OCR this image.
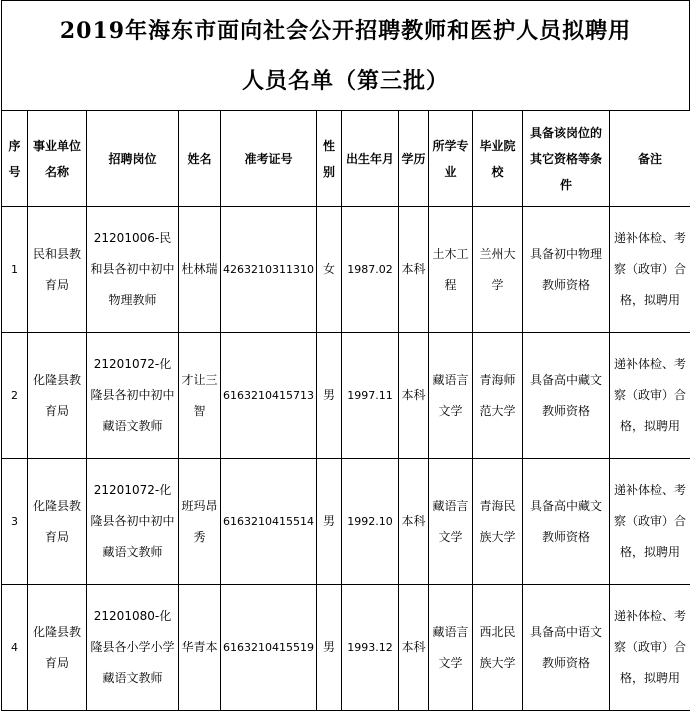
2019年海东市面向社会公开招聘教师和医护人员拟聘用
人员名单（第三批）
序号	事业单位名称	招聘岗位	姓名	准考证号	性别	出生年月	学历	所学专业	毕业院校	具备该岗位的其它资格等条件	备注
1	民和县教育局	21201006-民和县各初中初中物理教师	杜林瑞	4263210311310	女	1987.02	本科	土木工程	兰州大学	具备初中物理教师资格	递补体检、考察（政审）合格，拟聘用
2	化隆县教育局	21201072-化隆县各初中初中藏语文教师	才让三智	6163210415713	男	1997.11	本科	藏语言文学	青海师范大学	具备高中藏文教师资格	递补体检、考察（政审）合格，拟聘用
3	化隆县教育局	21201072-化隆县各初中初中藏语文教师	班玛昂秀	6163210415514	男	1992.10	本科	藏语言文学	青海民族大学	具备高中藏文教师资格	递补体检、考察（政审）合格，拟聘用
4	化隆县教育局	21201080-化隆县各小学小学藏语文教师	华青本	6163210415519	男	1993.12	本科	藏语言文学	西北民族大学	具备高中语文教师资格	递补体检、考察（政审）合格，拟聘用
